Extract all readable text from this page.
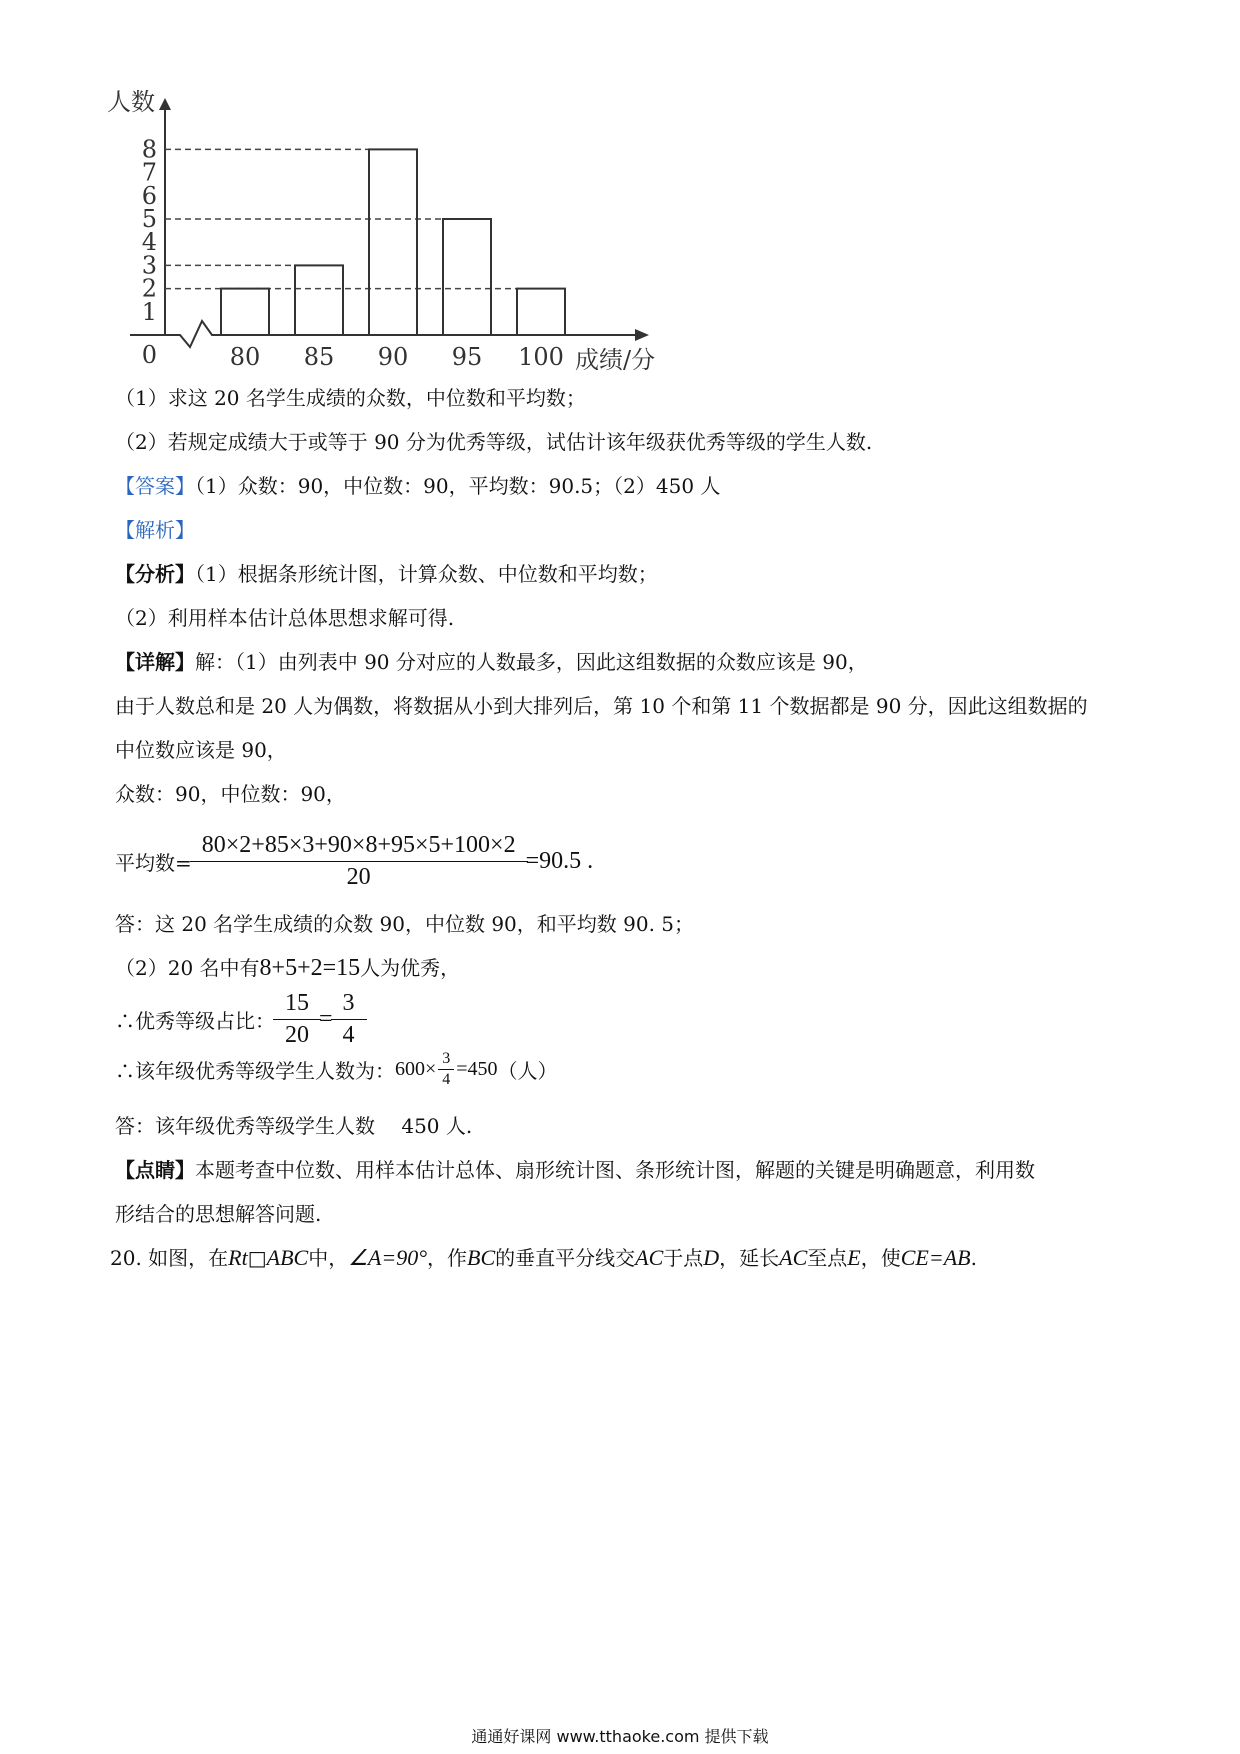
0
1
2
3
4
5
6
7
8
80 85 90 95 100
人数
成绩/分
（1）求这 20 名学生成绩的众数，中位数和平均数；
（2）若规定成绩大于或等于 90 分为优秀等级，试估计该年级获优秀等级的学生人数.
【答案】（1）众数：90，中位数：90，平均数：90.5；（2）450 人
【解析】
【分析】（1）根据条形统计图，计算众数、中位数和平均数；
（2）利用样本估计总体思想求解可得.
【详解】解：（1）由列表中 90 分对应的人数最多，因此这组数据的众数应该是 90，
由于人数总和是 20 人为偶数，将数据从小到大排列后，第 10 个和第 11 个数据都是 90 分，因此这组数据的
中位数应该是 90，
众数：90，中位数：90，
平均数= $\frac{80\times 2+85\times 3+90\times 8+95\times 5+100\times 2}{20} =90.5$ .
答：这 20 名学生成绩的众数 90，中位数 90，和平均数 90. 5；
（2）20 名中有8+5+2=15人为优秀，
∴优秀等级占比： $\frac{15}{20} = \frac{3}{4}$
∴该年级优秀等级学生人数为： $600\times \frac{3}{4} =450$ （人）
答：该年级优秀等级学生人数　 450 人.
【点睛】本题考查中位数、用样本估计总体、扇形统计图、条形统计图，解题的关键是明确题意，利用数
形结合的思想解答问题.
20. 如图，在Rt□ABC中，∠A=90°，作BC的垂直平分线交AC于点D，延长AC至点E，使CE=AB.
通通好课网 www.tthaoke.com 提供下载
